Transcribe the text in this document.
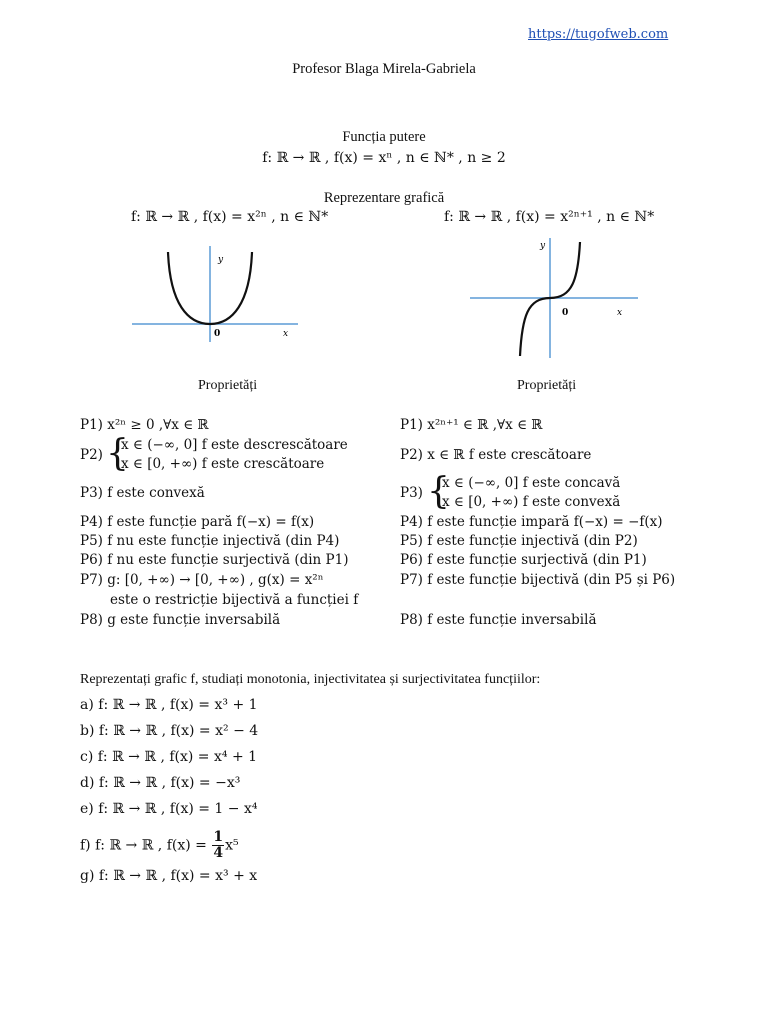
https://tugofweb.com
Profesor Blaga Mirela-Gabriela
Funcția putere
f: ℝ → ℝ , f(x) = xⁿ , n ∈ ℕ* , n ≥ 2
Reprezentare grafică
f: ℝ → ℝ , f(x) = x²ⁿ , n ∈ ℕ*	f: ℝ → ℝ , f(x) = x²ⁿ⁺¹ , n ∈ ℕ*
y
0	x
y
0	x
Proprietăți	Proprietăți
P1) x²ⁿ ≥ 0 ,∀x ∈ ℝ
P2) {
x ∈ (−∞, 0] f este descrescătoare
x ∈ [0, +∞) f este crescătoare
P3) f este convexă
P4) f este funcție pară f(−x) = f(x)
P5) f nu este funcție injectivă (din P4)
P6) f nu este funcție surjectivă (din P1)
P7) g: [0, +∞) → [0, +∞) , g(x) = x²ⁿ
este o restricție bijectivă a funcției f
P8) g este funcție inversabilă
P1) x²ⁿ⁺¹ ∈ ℝ ,∀x ∈ ℝ
P2) x ∈ ℝ f este crescătoare
P3) {
x ∈ (−∞, 0] f este concavă
x ∈ [0, +∞) f este convexă
P4) f este funcție impară f(−x) = −f(x)
P5) f este funcție injectivă (din P2)
P6) f este funcție surjectivă (din P1)
P7) f este funcție bijectivă (din P5 și P6)
P8) f este funcție inversabilă
Reprezentați grafic f, studiați monotonia, injectivitatea și surjectivitatea funcțiilor:
a) f: ℝ → ℝ , f(x) = x³ + 1
b) f: ℝ → ℝ , f(x) = x² − 4
c) f: ℝ → ℝ , f(x) = x⁴ + 1
d) f: ℝ → ℝ , f(x) = −x³
e) f: ℝ → ℝ , f(x) = 1 − x⁴
f) f: ℝ → ℝ , $f(x) = \frac{1}{4} x^5$
g) f: ℝ → ℝ , f(x) = x³ + x
